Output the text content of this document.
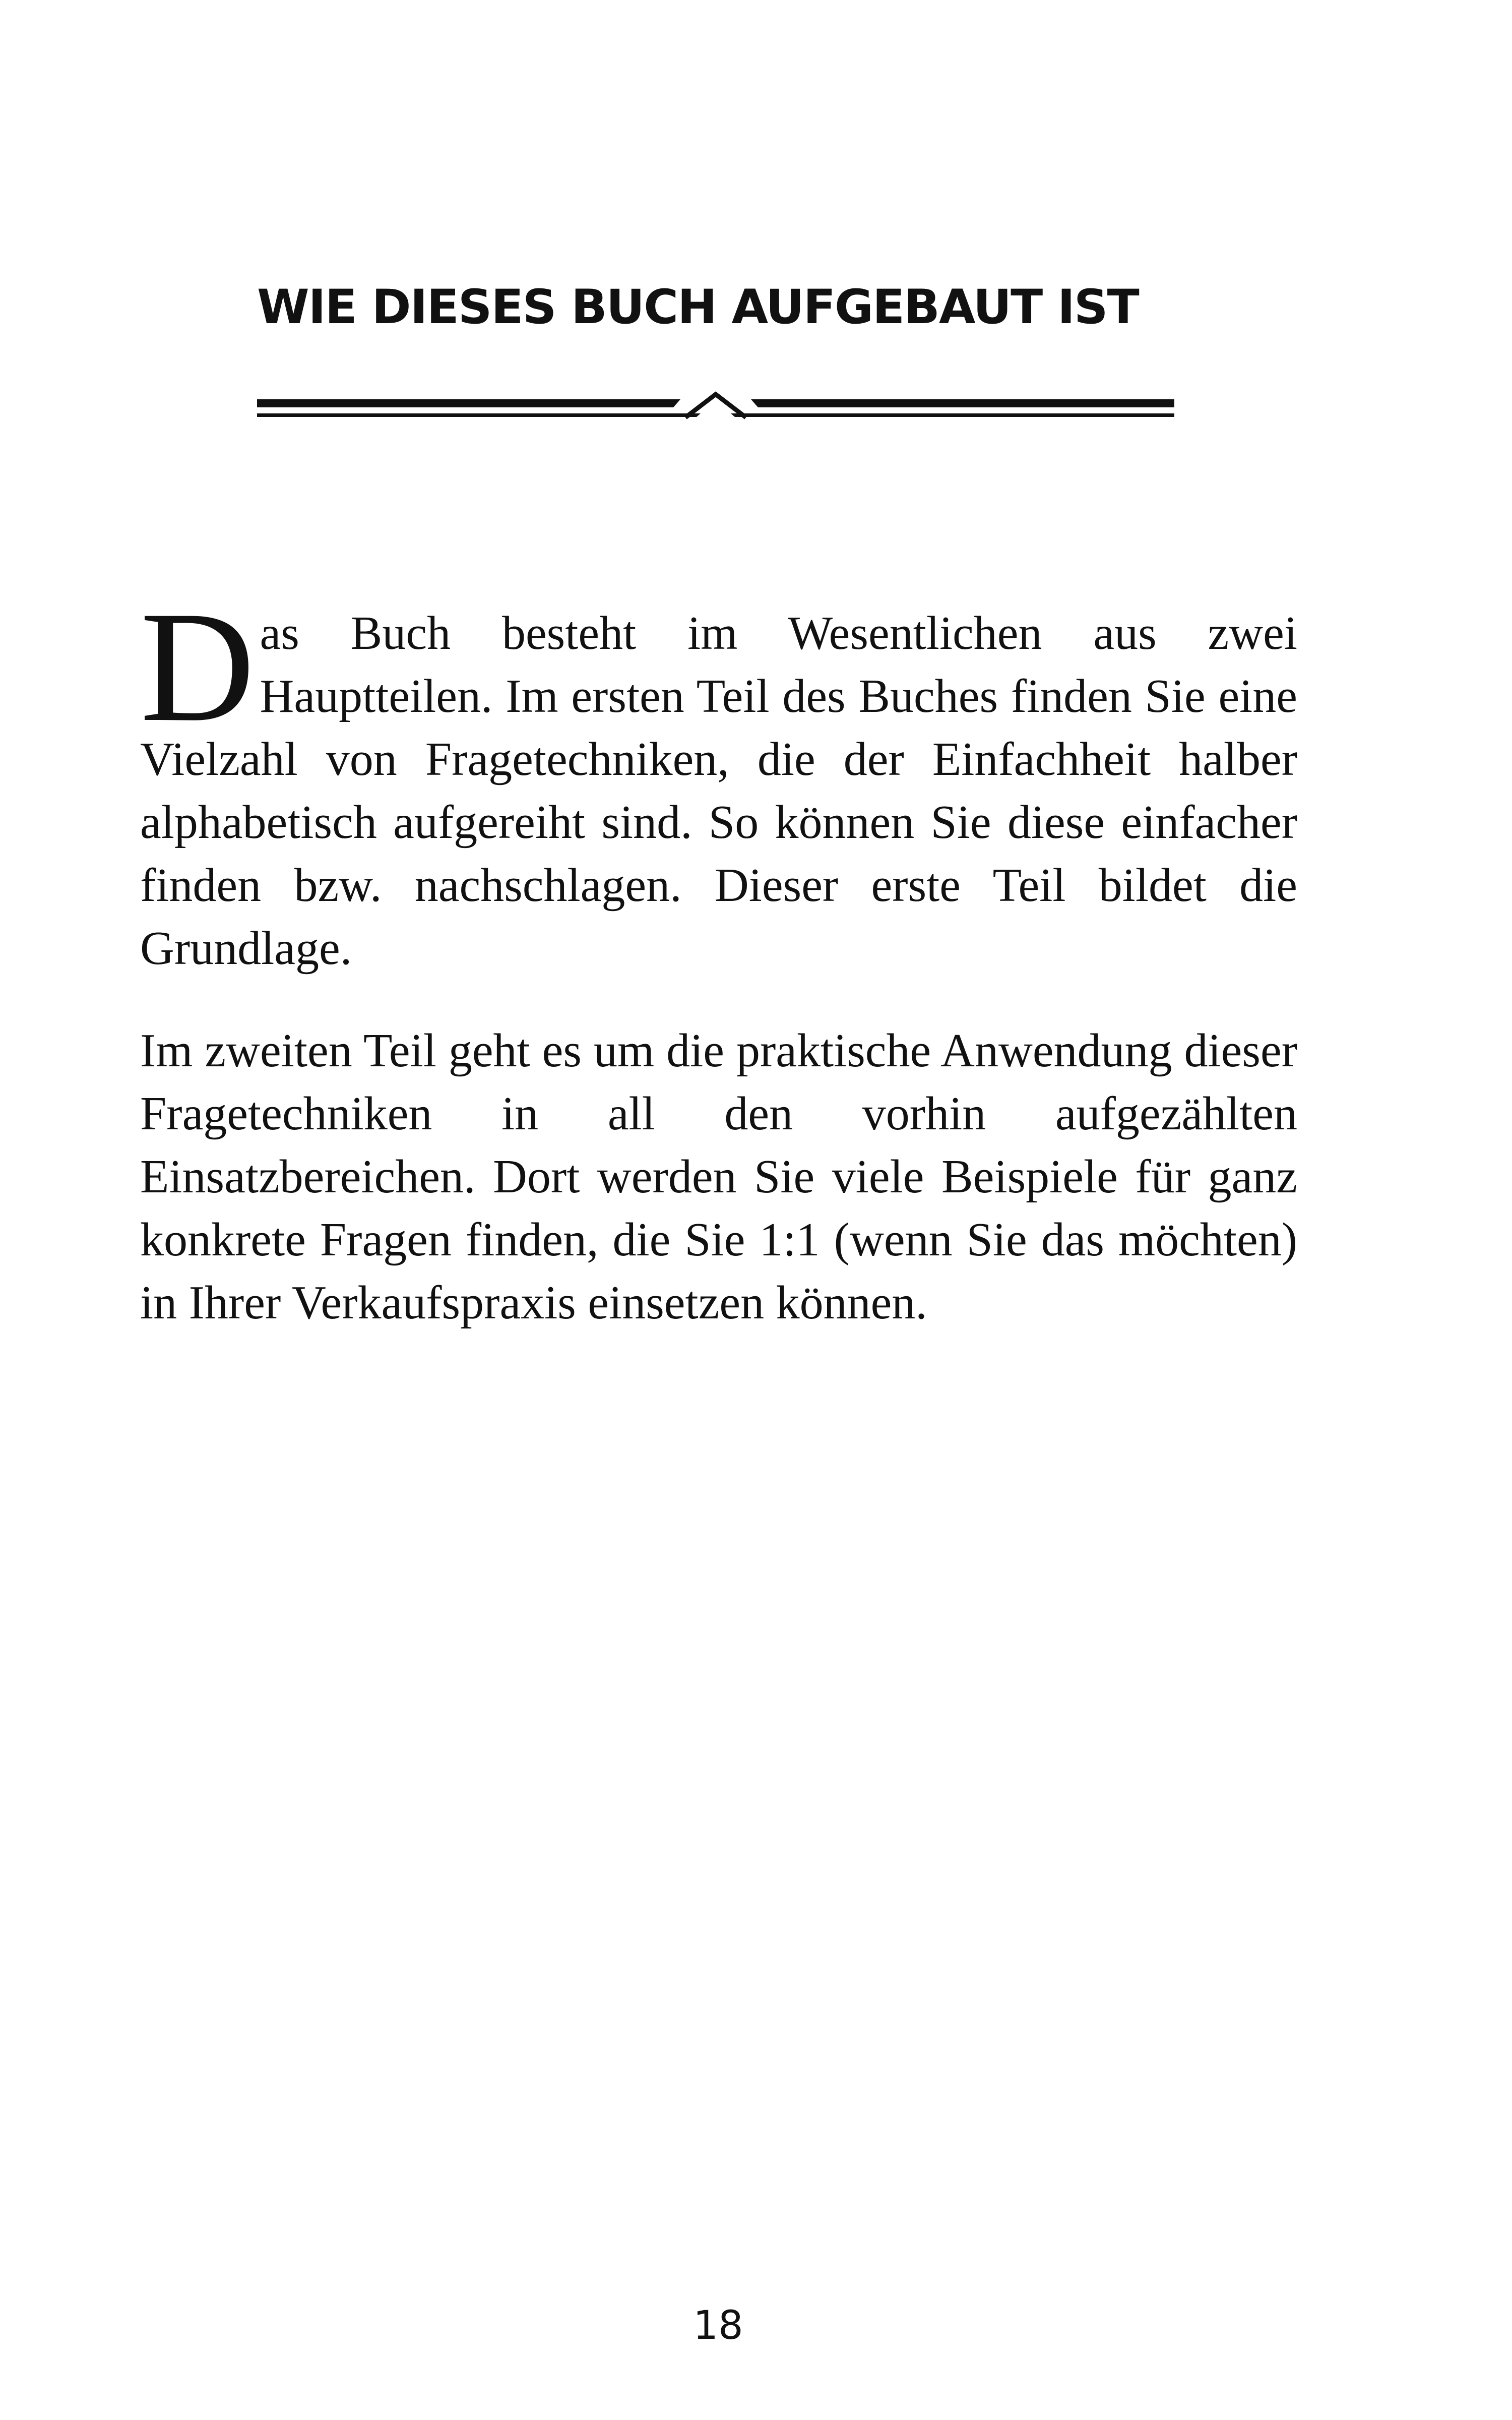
WIE DIESES BUCH AUFGEBAUT IST

Das Buch besteht im Wesentlichen aus zwei Hauptteilen. Im ersten Teil des Buches finden Sie eine Vielzahl von Fragetechniken, die der Einfachheit halber alphabetisch aufgereiht sind. So können Sie diese einfacher finden bzw. nachschlagen. Dieser erste Teil bildet die Grundlage.

Im zweiten Teil geht es um die praktische Anwendung dieser Fragetechniken in all den vorhin aufgezählten Einsatzbereichen. Dort werden Sie viele Beispiele für ganz konkrete Fragen finden, die Sie 1:1 (wenn Sie das möchten) in Ihrer Verkaufspraxis einsetzen können.

18
